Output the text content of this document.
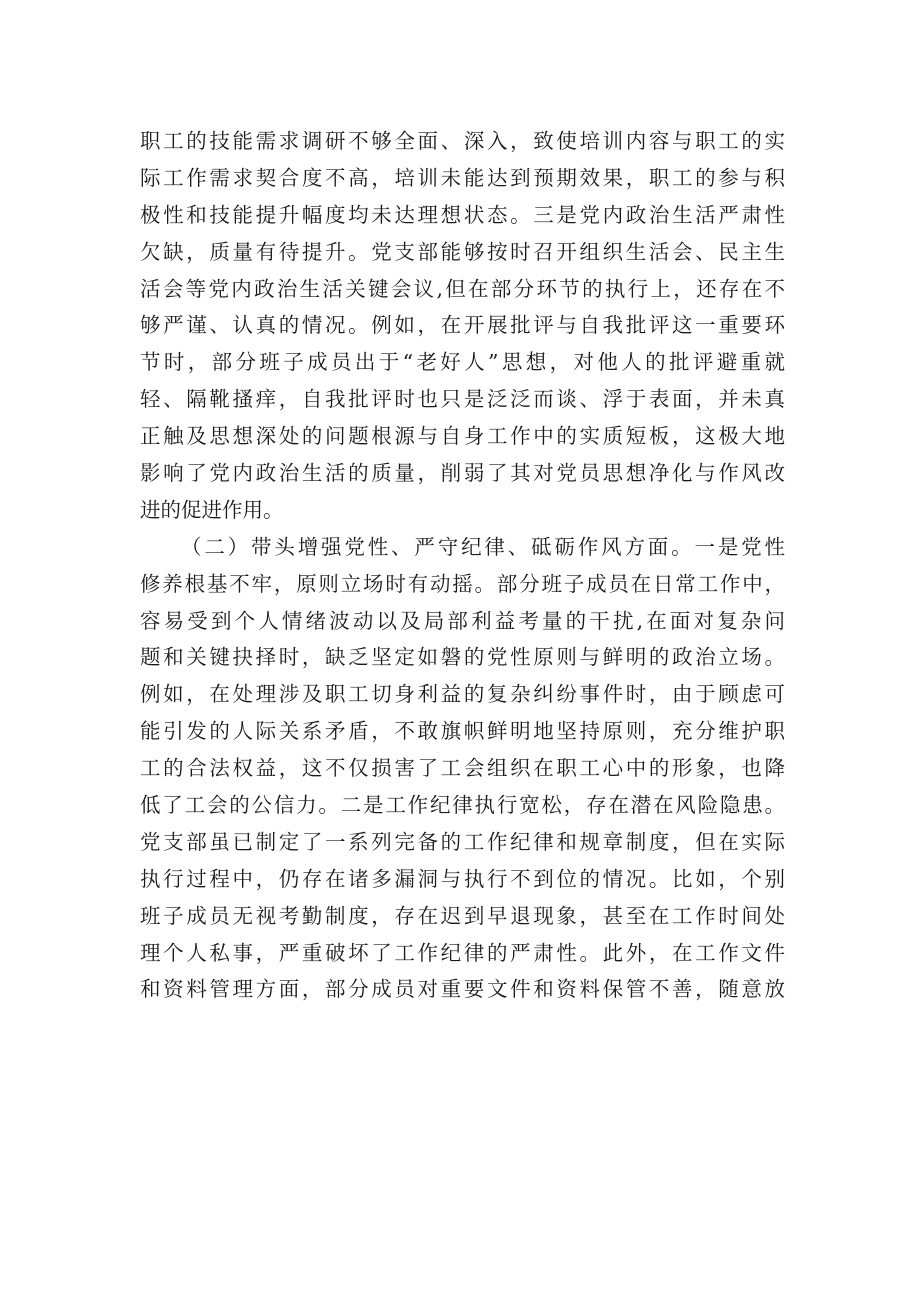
职工的技能需求调研不够全面、深入，致使培训内容与职工的实
际工作需求契合度不高，培训未能达到预期效果，职工的参与积
极性和技能提升幅度均未达理想状态。三是党内政治生活严肃性
欠缺，质量有待提升。党支部能够按时召开组织生活会、民主生
活会等党内政治生活关键会议,但在部分环节的执行上，还存在不
够严谨、认真的情况。例如，在开展批评与自我批评这一重要环
节时，部分班子成员出于“老好人”思想，对他人的批评避重就
轻、隔靴搔痒，自我批评时也只是泛泛而谈、浮于表面，并未真
正触及思想深处的问题根源与自身工作中的实质短板，这极大地
影响了党内政治生活的质量，削弱了其对党员思想净化与作风改
进的促进作用。
（二）带头增强党性、严守纪律、砥砺作风方面。一是党性
修养根基不牢，原则立场时有动摇。部分班子成员在日常工作中，
容易受到个人情绪波动以及局部利益考量的干扰,在面对复杂问
题和关键抉择时，缺乏坚定如磐的党性原则与鲜明的政治立场。
例如，在处理涉及职工切身利益的复杂纠纷事件时，由于顾虑可
能引发的人际关系矛盾，不敢旗帜鲜明地坚持原则，充分维护职
工的合法权益，这不仅损害了工会组织在职工心中的形象，也降
低了工会的公信力。二是工作纪律执行宽松，存在潜在风险隐患。
党支部虽已制定了一系列完备的工作纪律和规章制度，但在实际
执行过程中，仍存在诸多漏洞与执行不到位的情况。比如，个别
班子成员无视考勤制度，存在迟到早退现象，甚至在工作时间处
理个人私事，严重破坏了工作纪律的严肃性。此外，在工作文件
和资料管理方面，部分成员对重要文件和资料保管不善，随意放
